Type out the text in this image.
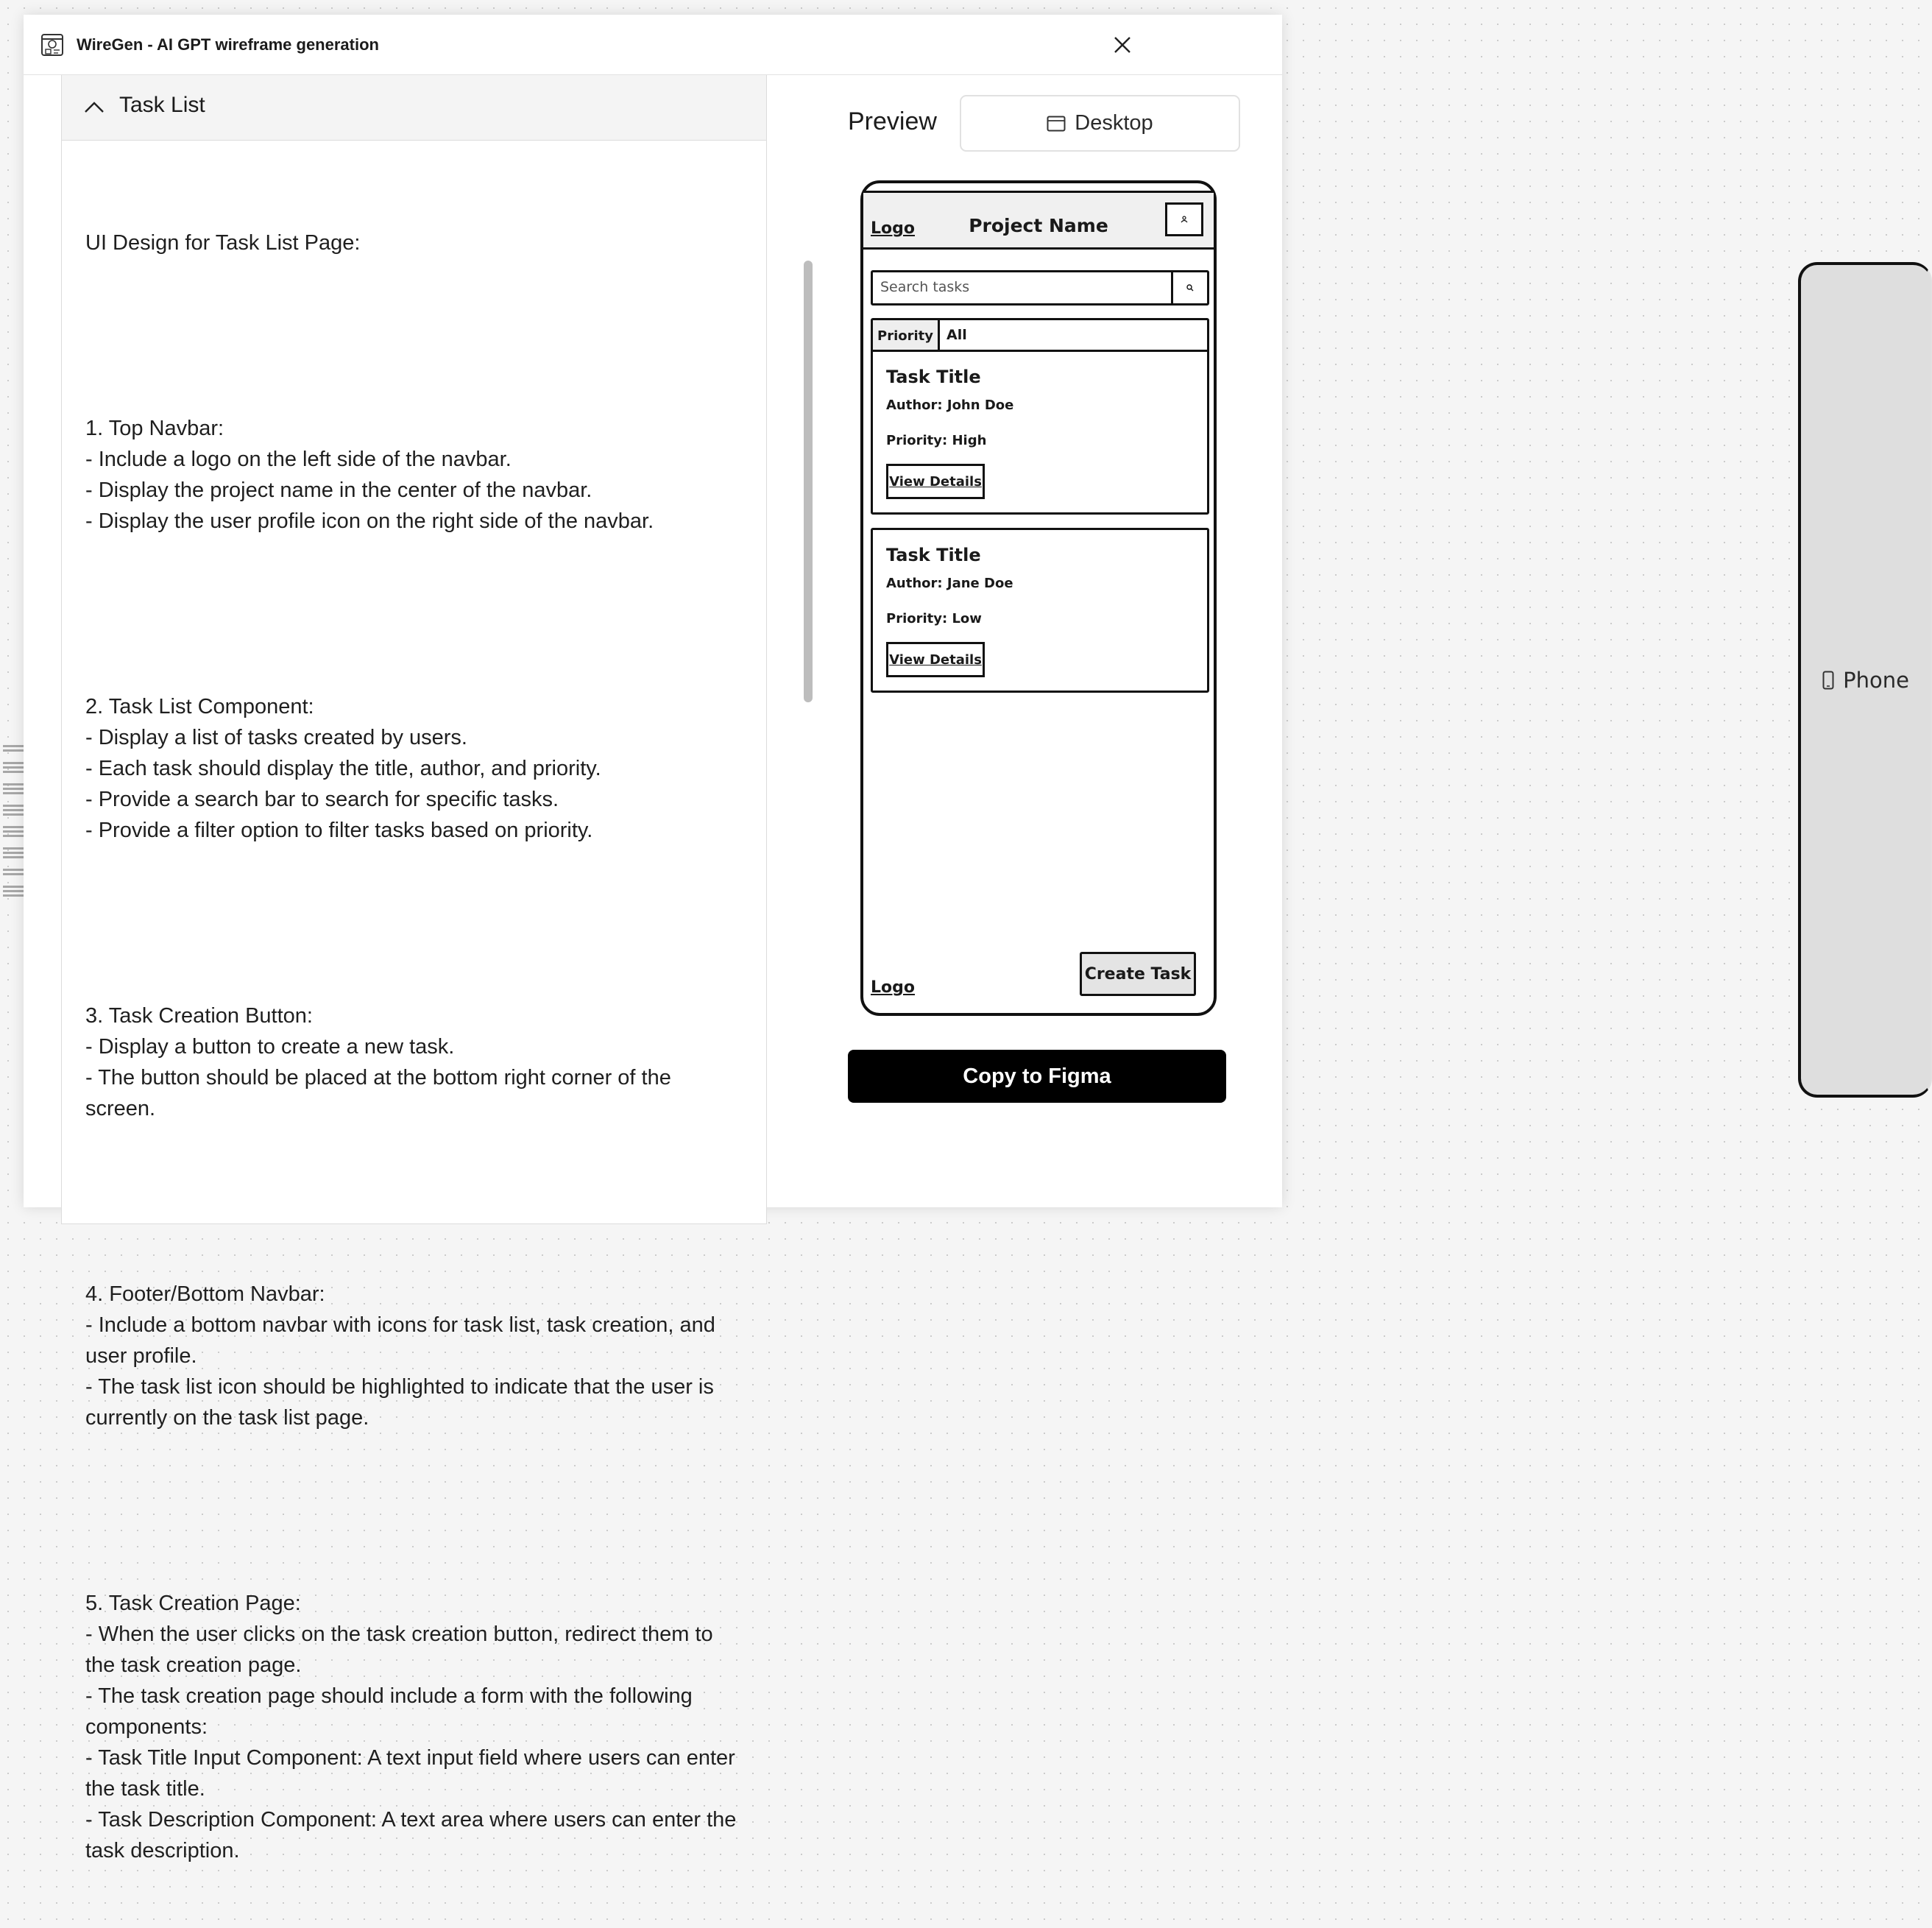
WireGen - AI GPT wireframe generation
Task List

UI Design for Task List Page:

1. Top Navbar:
- Include a logo on the left side of the navbar.
- Display the project name in the center of the navbar.
- Display the user profile icon on the right side of the navbar.

2. Task List Component:
- Display a list of tasks created by users.
- Each task should display the title, author, and priority.
- Provide a search bar to search for specific tasks.
- Provide a filter option to filter tasks based on priority.

3. Task Creation Button:
- Display a button to create a new task.
- The button should be placed at the bottom right corner of the screen.

4. Footer/Bottom Navbar:
- Include a bottom navbar with icons for task list, task creation, and user profile.
- The task list icon should be highlighted to indicate that the user is currently on the task list page.

5. Task Creation Page:
- When the user clicks on the task creation button, redirect them to the task creation page.
- The task creation page should include a form with the following components:
- Task Title Input Component: A text input field where users can enter the task title.
- Task Description Component: A text area where users can enter the task description.

Preview
Phone
Desktop
Logo	Project Name
Search tasks
Priority All
Task Title
Author: John Doe
Priority: High
View Details
Task Title
Author: Jane Doe
Priority: Low
View Details
Create Task
Logo
Copy to Figma
